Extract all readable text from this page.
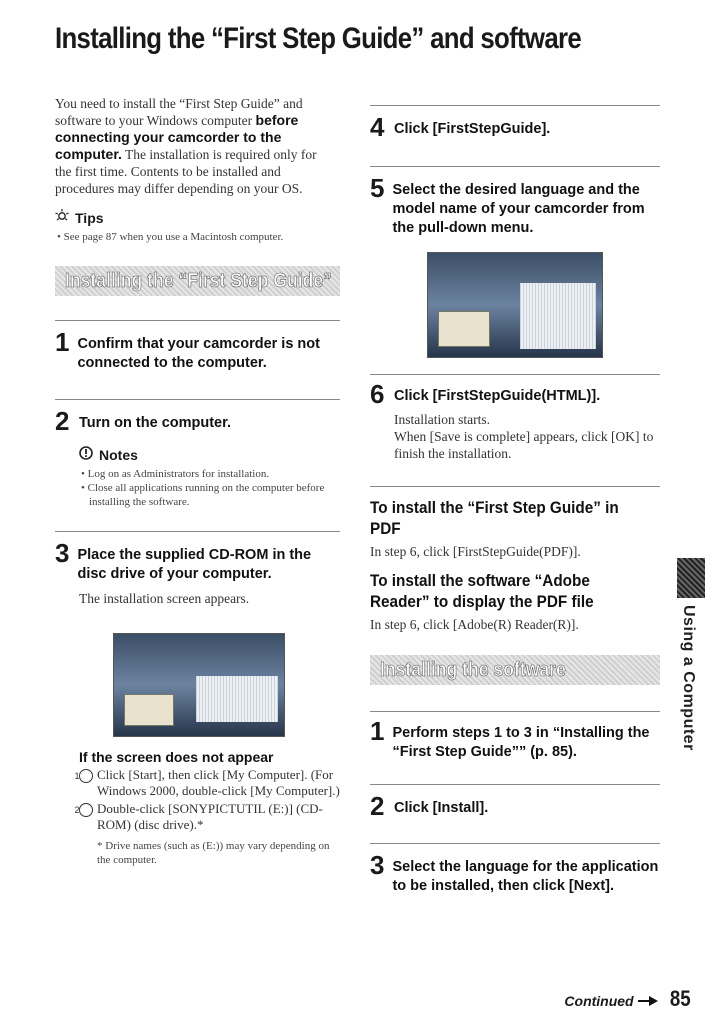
Installing the “First Step Guide” and software
You need to install the “First Step Guide” and software to your Windows computer before connecting your camcorder to the computer. The installation is required only for the first time. Contents to be installed and procedures may differ depending on your OS.
Tips
• See page 87 when you use a Macintosh computer.
Installing the “First Step Guide”
1 Confirm that your camcorder is not connected to the computer.
2 Turn on the computer.
Notes
• Log on as Administrators for installation.
• Close all applications running on the computer before installing the software.
3 Place the supplied CD-ROM in the disc drive of your computer.
The installation screen appears.
If the screen does not appear
1 Click [Start], then click [My Computer]. (For Windows 2000, double-click [My Computer].)
2 Double-click [SONYPICTUTIL (E:)] (CD-ROM) (disc drive).*
* Drive names (such as (E:)) may vary depending on the computer.
4 Click [FirstStepGuide].
5 Select the desired language and the model name of your camcorder from the pull-down menu.
6 Click [FirstStepGuide(HTML)].
Installation starts.
When [Save is complete] appears, click [OK] to finish the installation.
To install the “First Step Guide” in PDF
In step 6, click [FirstStepGuide(PDF)].
To install the software “Adobe Reader” to display the PDF file
In step 6, click [Adobe(R) Reader(R)].
Installing the software
1 Perform steps 1 to 3 in “Installing the “First Step Guide”” (p. 85).
2 Click [Install].
3 Select the language for the application to be installed, then click [Next].
Using a Computer
Continued	85
